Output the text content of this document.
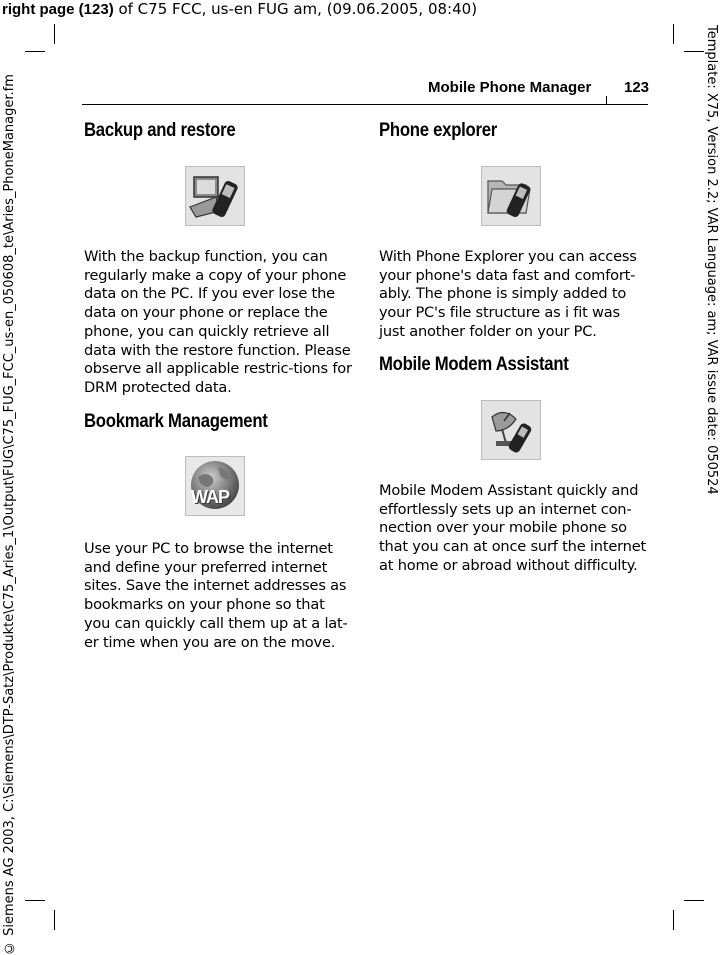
right page (123) of C75 FCC, us-en FUG am, (09.06.2005, 08:40)
Mobile Phone Manager 123
Backup and restore

With the backup function, you can regularly make a copy of your phone data on the PC. If you ever lose the data on your phone or replace the phone, you can quickly retrieve all data with the restore function. Please observe all applicable restric-tions for DRM protected data.

Bookmark Management
WAP

Use your PC to browse the internet and define your preferred internet sites. Save the internet addresses as bookmarks on your phone so that you can quickly call them up at a lat-er time when you are on the move.

Phone explorer

With Phone Explorer you can access your phone's data fast and comfort-ably. The phone is simply added to your PC's file structure as i fit was just another folder on your PC.

Mobile Modem Assistant

Mobile Modem Assistant quickly and effortlessly sets up an internet con-nection over your mobile phone so that you can at once surf the internet at home or abroad without difficulty.

Template: X75, Version 2.2; VAR Language: am; VAR issue date: 050524
© Siemens AG 2003, C:\Siemens\DTP-Satz\Produkte\C75_Aries_1\Output\FUG\C75_FUG_FCC_us-en_050608_te\Aries_PhoneManager.fm
